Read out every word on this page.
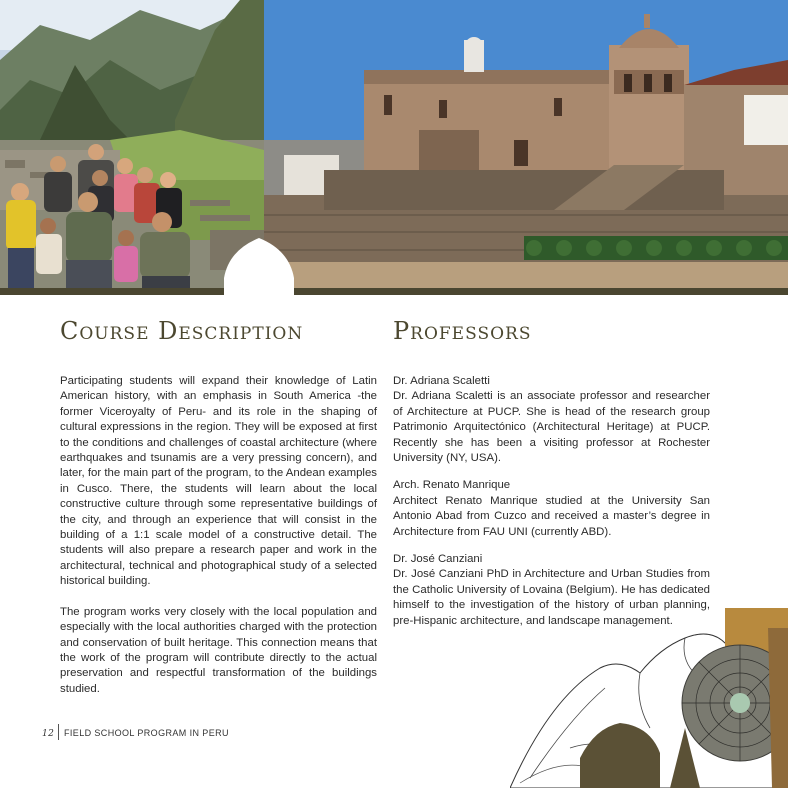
Course Description	Professors

Participating students will expand their knowledge of Latin American history, with an emphasis in South America -the former Viceroyalty of Peru- and its role in the shaping of cultural expressions in the region. They will be exposed at first to the conditions and challenges of coastal architecture (where earthquakes and tsunamis are a very pressing concern), and later, for the main part of the program, to the Andean examples in Cusco. There, the students will learn about the local constructive culture through some representative buildings of the city, and through an experience that will consist in the building of a 1:1 scale model of a constructive detail. The students will also prepare a research paper and work in the architectural, technical and photographical study of a selected historical building.

The program works very closely with the local population and especially with the local authorities charged with the protection and conservation of built heritage. This connection means that the work of the program will contribute directly to the actual preservation and respectful transformation of the buildings studied.

Dr. Adriana Scaletti
Dr. Adriana Scaletti is an associate professor and researcher of Architecture at PUCP. She is head of the research group Patrimonio Arquitectónico (Architectural Heritage) at PUCP. Recently she has been a visiting professor at Rochester University (NY, USA).

Arch. Renato Manrique
Architect Renato Manrique studied at the University San Antonio Abad from Cuzco and received a master’s degree in Architecture from FAU UNI (currently ABD).

Dr. José Canziani
Dr. José Canziani PhD in Architecture and Urban Studies from the Catholic University of Lovaina (Belgium). He has dedicated himself to the investigation of the history of urban planning, pre-Hispanic architecture, and landscape management.

12 FIELD SCHOOL PROGRAM IN PERU
